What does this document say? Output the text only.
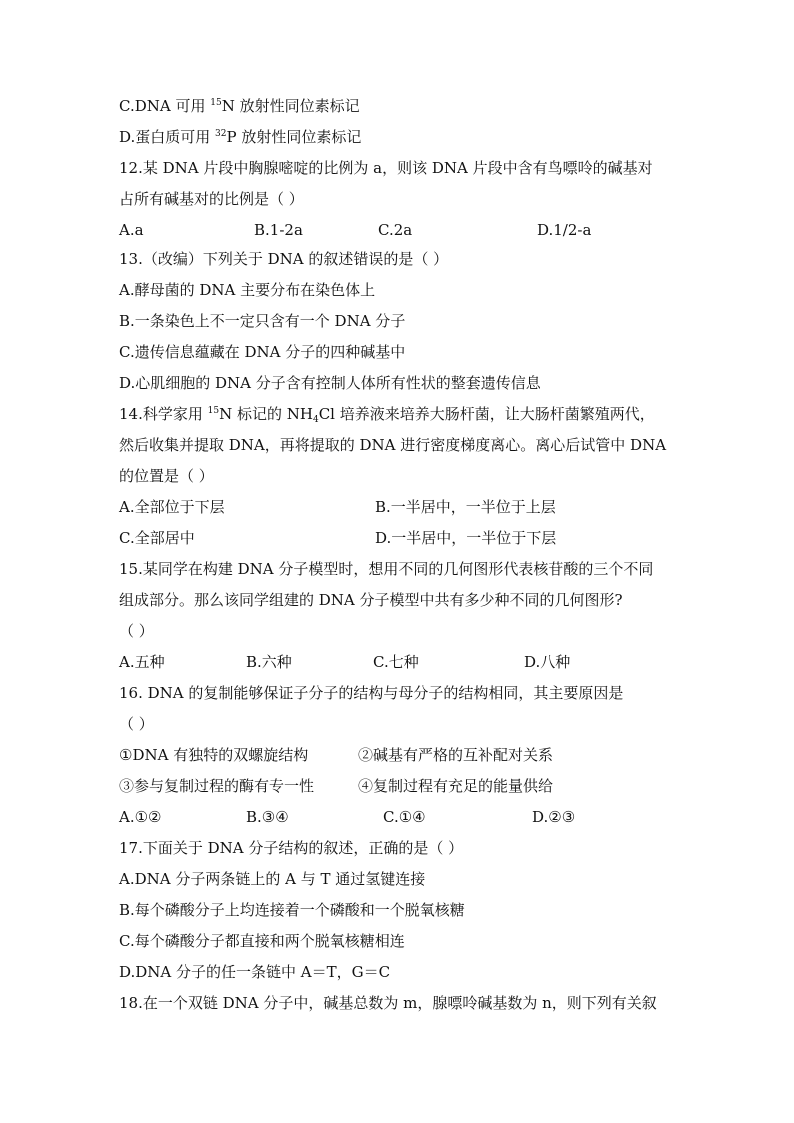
C.DNA 可用 $^{15}$N 放射性同位素标记
D.蛋白质可用 $^{32}$P 放射性同位素标记
12.某 DNA 片段中胸腺嘧啶的比例为 a，则该 DNA 片段中含有鸟嘌呤的碱基对
占所有碱基对的比例是（ ）
A.a	B.1-2a	C.2a	D.1/2-a
13.（改编）下列关于 DNA 的叙述错误的是（ ）
A.酵母菌的 DNA 主要分布在染色体上
B.一条染色上不一定只含有一个 DNA 分子
C.遗传信息蕴藏在 DNA 分子的四种碱基中
D.心肌细胞的 DNA 分子含有控制人体所有性状的整套遗传信息
14.科学家用 $^{15}$N 标记的 $NH_4Cl$ 培养液来培养大肠杆菌，让大肠杆菌繁殖两代，
然后收集并提取 DNA，再将提取的 DNA 进行密度梯度离心。离心后试管中 DNA
的位置是（ ）
A.全部位于下层	B.一半居中，一半位于上层
C.全部居中	D.一半居中，一半位于下层
15.某同学在构建 DNA 分子模型时，想用不同的几何图形代表核苷酸的三个不同
组成部分。那么该同学组建的 DNA 分子模型中共有多少种不同的几何图形?
（ ）
A.五种	B.六种	C.七种	D.八种
16. DNA 的复制能够保证子分子的结构与母分子的结构相同，其主要原因是
（ ）
①DNA 有独特的双螺旋结构	②碱基有严格的互补配对关系
③参与复制过程的酶有专一性	④复制过程有充足的能量供给
A.①②	B.③④	C.①④	D.②③
17.下面关于 DNA 分子结构的叙述，正确的是（ ）
A.DNA 分子两条链上的 A 与 T 通过氢键连接
B.每个磷酸分子上均连接着一个磷酸和一个脱氧核糖
C.每个磷酸分子都直接和两个脱氧核糖相连
D.DNA 分子的任一条链中 A＝T，G＝C
18.在一个双链 DNA 分子中，碱基总数为 m，腺嘌呤碱基数为 n，则下列有关叙
